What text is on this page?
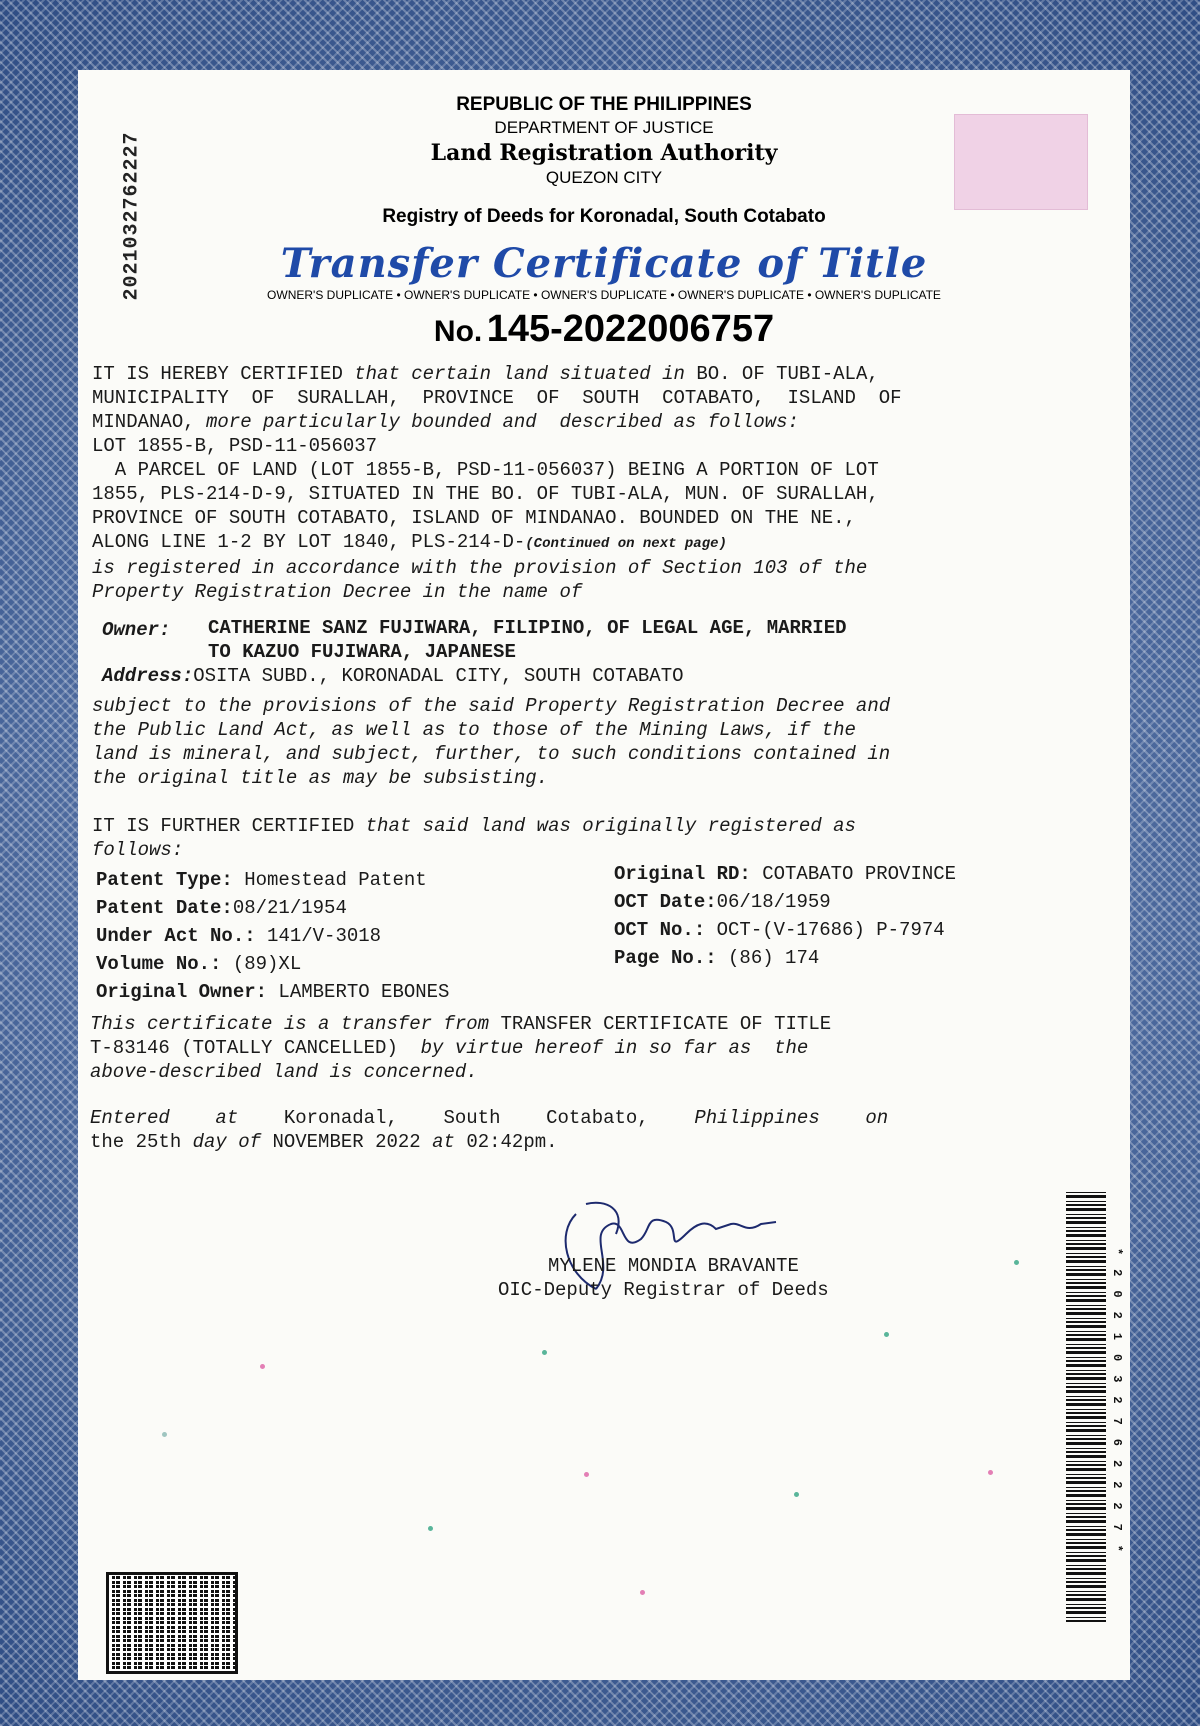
2021032762227
REPUBLIC OF THE PHILIPPINES
DEPARTMENT OF JUSTICE
Land Registration Authority
QUEZON CITY
Registry of Deeds for Koronadal, South Cotabato
Transfer Certificate of Title
OWNER'S DUPLICATE • OWNER'S DUPLICATE • OWNER'S DUPLICATE • OWNER'S DUPLICATE • OWNER'S DUPLICATE
No. 145-2022006757
IT IS HEREBY CERTIFIED that certain land situated in BO. OF TUBI-ALA,
MUNICIPALITY  OF  SURALLAH,  PROVINCE  OF  SOUTH  COTABATO,  ISLAND  OF
MINDANAO, more particularly bounded and  described as follows:
LOT 1855-B, PSD-11-056037
A PARCEL OF LAND (LOT 1855-B, PSD-11-056037) BEING A PORTION OF LOT
1855, PLS-214-D-9, SITUATED IN THE BO. OF TUBI-ALA, MUN. OF SURALLAH,
PROVINCE OF SOUTH COTABATO, ISLAND OF MINDANAO. BOUNDED ON THE NE.,
ALONG LINE 1-2 BY LOT 1840, PLS-214-D-(Continued on next page)
is registered in accordance with the provision of Section 103 of the
Property Registration Decree in the name of
Owner: CATHERINE SANZ FUJIWARA, FILIPINO, OF LEGAL AGE, MARRIED
TO KAZUO FUJIWARA, JAPANESE
Address:OSITA SUBD., KORONADAL CITY, SOUTH COTABATO
subject to the provisions of the said Property Registration Decree and
the Public Land Act, as well as to those of the Mining Laws, if the
land is mineral, and subject, further, to such conditions contained in
the original title as may be subsisting.
IT IS FURTHER CERTIFIED that said land was originally registered as
follows:
Patent Type: Homestead Patent
Patent Date:08/21/1954
Under Act No.: 141/V-3018
Volume No.: (89)XL
Original Owner: LAMBERTO EBONES
Original RD: COTABATO PROVINCE
OCT Date:06/18/1959
OCT No.: OCT-(V-17686) P-7974
Page No.: (86) 174
This certificate is a transfer from TRANSFER CERTIFICATE OF TITLE
T-83146 (TOTALLY CANCELLED)  by virtue hereof in so far as  the
above-described land is concerned.
Entered    at    Koronadal,    South    Cotabato,    Philippines    on
the 25th day of NOVEMBER 2022 at 02:42pm.
MYLENE MONDIA BRAVANTE
OIC-Deputy Registrar of Deeds	*2021032762227*
